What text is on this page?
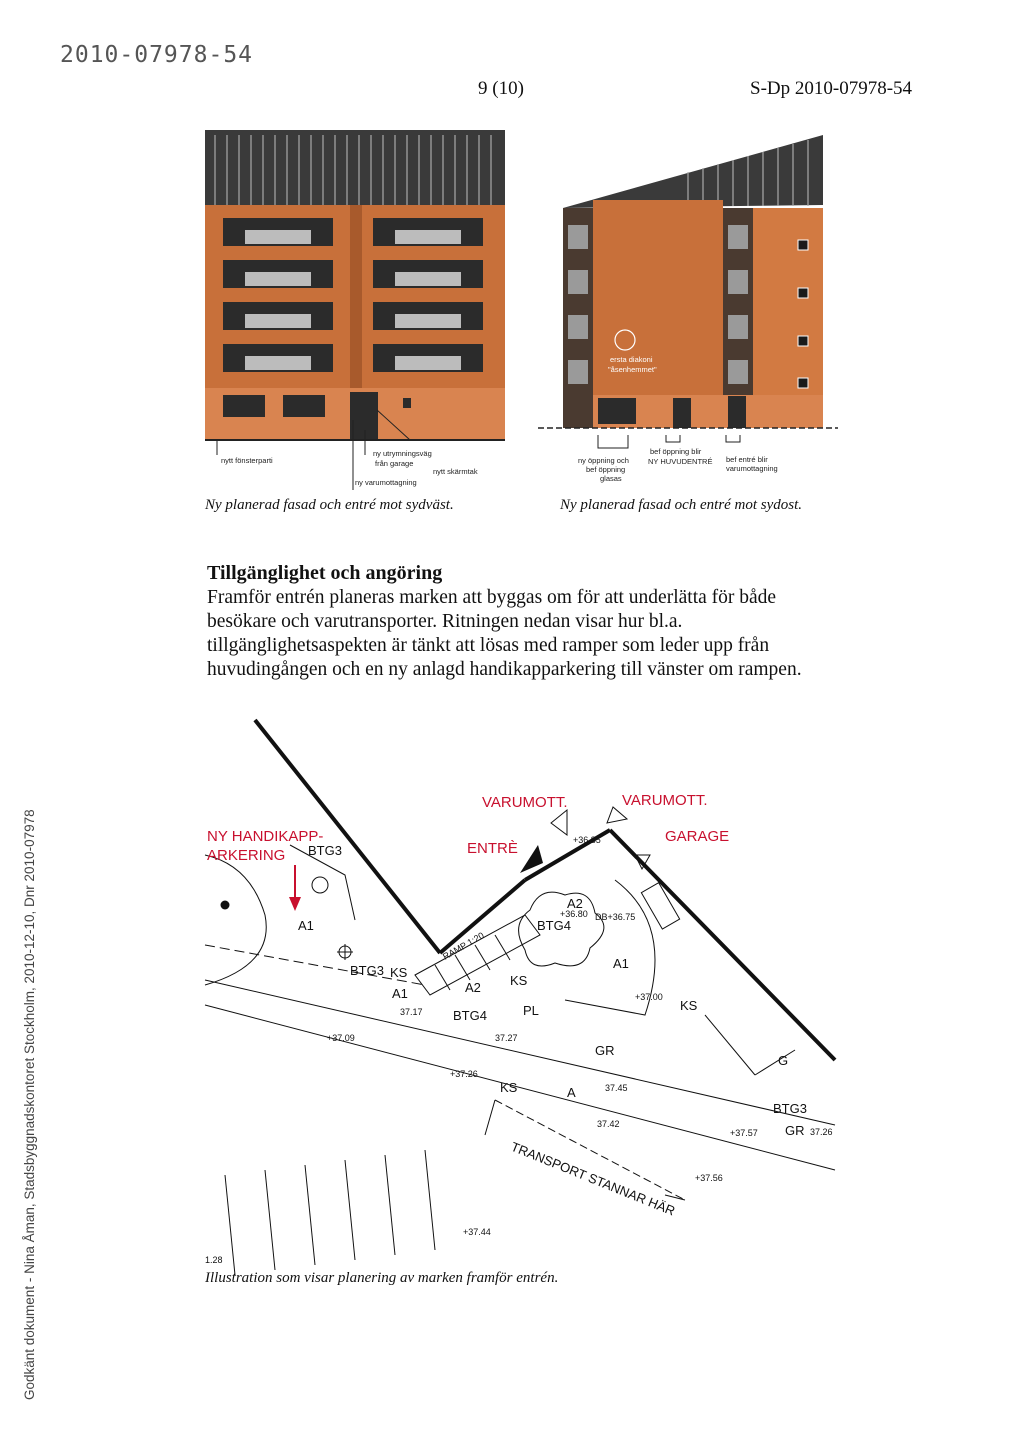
2010-07978-54
9 (10)	S-Dp 2010-07978-54
Godkänt dokument - Nina Åman, Stadsbyggnadskontoret Stockholm, 2010-12-10, Dnr 2010-07978
nytt fönsterparti
ny utrymningsväg
från garage
nytt skärmtak
ny varumottagning
Ny planerad fasad och entré mot sydväst.
ersta diakoni
"åsenhemmet"
ny öppning och
bef öppning
glasas
bef öppning blir
NY HUVUDENTRÉ bef entré blir
varumottagning
Ny planerad fasad och entré mot sydost.
Tillgänglighet och angöring
Framför entrén planeras marken att byggas om för att underlätta för både besökare och varutransporter. Ritningen nedan visar hur bl.a. tillgänglighetsaspekten är tänkt att lösas med ramper som leder upp från huvudingången och en ny anlagd handikapparkering till vänster om rampen.
NY HANDIKAPP-
ARKERING	ENTRÈ
VARUMOTT.	VARUMOTT.
GARAGE
A1
BTG3
BTG3 KS
A1
RAMP 1:20
A2 KS
BTG4	PL
A2
BTG4
A1
KS
GR
G
KS	A
BTG3
GR
TRANSPORT STANNAR HÄR
+37.09
+37.26
37.27
37.45
37.42
+37.00
+36.80 DB+36.75
+36.85
+37.57	37.26
+37.56
+37.44
37.17
1.28
Illustration som visar planering av marken framför entrén.
